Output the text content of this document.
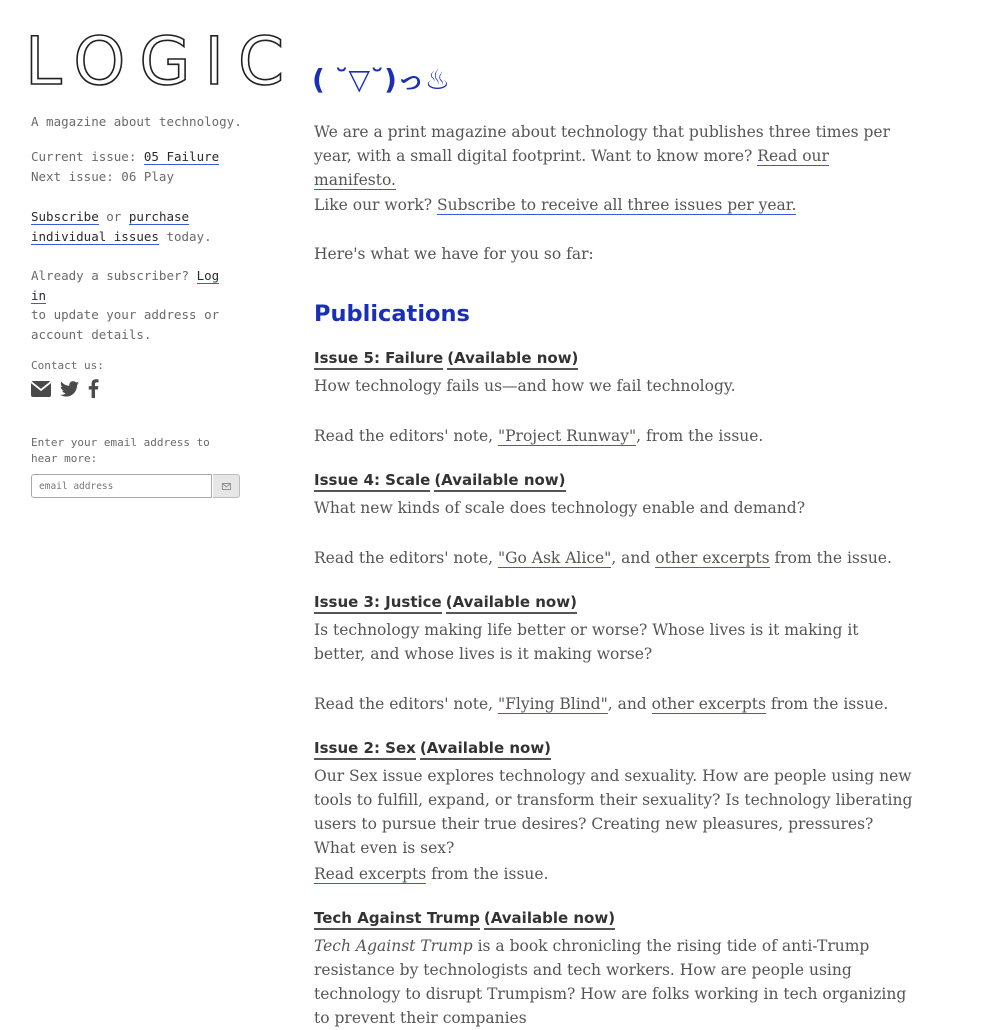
LOGIC
A magazine about technology.
Current issue: 05 Failure
Next issue: 06 Play
Subscribe or purchase
individual issues today.
Already a subscriber? Log in
to update your address or
account details.
Contact us:
Enter your email address to hear more:
email address
( ˘▽˘)っ♨
We are a print magazine about technology that publishes three times per year, with a small digital footprint. Want to know more? Read our manifesto.
Like our work? Subscribe to receive all three issues per year.
Here's what we have for you so far:
Publications
Issue 5: Failure (Available now)
How technology fails us—and how we fail technology.
Read the editors' note, "Project Runway", from the issue.
Issue 4: Scale (Available now)
What new kinds of scale does technology enable and demand?
Read the editors' note, "Go Ask Alice", and other excerpts from the issue.
Issue 3: Justice (Available now)
Is technology making life better or worse? Whose lives is it making it better, and whose lives is it making worse?
Read the editors' note, "Flying Blind", and other excerpts from the issue.
Issue 2: Sex (Available now)
Our Sex issue explores technology and sexuality. How are people using new tools to fulfill, expand, or transform their sexuality? Is technology liberating users to pursue their true desires? Creating new pleasures, pressures? What even is sex?
Read excerpts from the issue.
Tech Against Trump (Available now)
Tech Against Trump is a book chronicling the rising tide of anti-Trump resistance by technologists and tech workers. How are people using technology to disrupt Trumpism? How are folks working in tech organizing to prevent their companies
